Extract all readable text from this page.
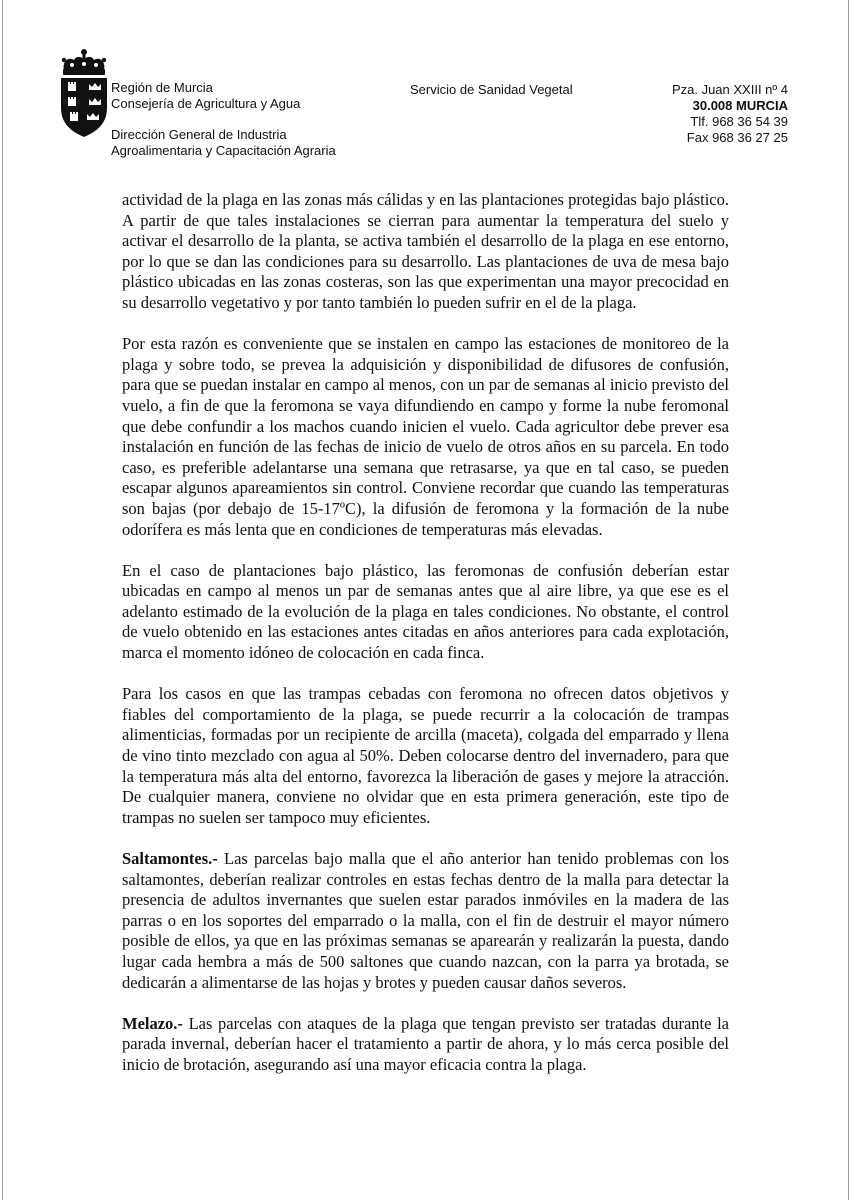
Región de Murcia
Consejería de Agricultura y Agua
Dirección General de Industria
Agroalimentaria y Capacitación Agraria
Servicio de Sanidad Vegetal	Pza. Juan XXIII nº 4
30.008 MURCIA
Tlf. 968 36 54 39
Fax 968 36 27 25

actividad de la plaga en las zonas más cálidas y en las plantaciones protegidas bajo plástico. A partir de que tales instalaciones se cierran para aumentar la temperatura del suelo y activar el desarrollo de la planta, se activa también el desarrollo de la plaga en ese entorno, por lo que se dan las condiciones para su desarrollo. Las plantaciones de uva de mesa bajo plástico ubicadas en las zonas costeras, son las que experimentan una mayor precocidad en su desarrollo vegetativo y por tanto también lo pueden sufrir en el de la plaga.

Por esta razón es conveniente que se instalen en campo las estaciones de monitoreo de la plaga y sobre todo, se prevea la adquisición y disponibilidad de difusores de confusión, para que se puedan instalar en campo al menos, con un par de semanas al inicio previsto del vuelo, a fin de que la feromona se vaya difundiendo en campo y forme la nube feromonal que debe confundir a los machos cuando inicien el vuelo. Cada agricultor debe prever esa instalación en función de las fechas de inicio de vuelo de otros años en su parcela. En todo caso, es preferible adelantarse una semana que retrasarse, ya que en tal caso, se pueden escapar algunos apareamientos sin control. Conviene recordar que cuando las temperaturas son bajas (por debajo de 15-17ºC), la difusión de feromona y la formación de la nube odorífera es más lenta que en condiciones de temperaturas más elevadas.

En el caso de plantaciones bajo plástico, las feromonas de confusión deberían estar ubicadas en campo al menos un par de semanas antes que al aire libre, ya que ese es el adelanto estimado de la evolución de la plaga en tales condiciones. No obstante, el control de vuelo obtenido en las estaciones antes citadas en años anteriores para cada explotación, marca el momento idóneo de colocación en cada finca.

Para los casos en que las trampas cebadas con feromona no ofrecen datos objetivos y fiables del comportamiento de la plaga, se puede recurrir a la colocación de trampas alimenticias, formadas por un recipiente de arcilla (maceta), colgada del emparrado y llena de vino tinto mezclado con agua al 50%. Deben colocarse dentro del invernadero, para que la temperatura más alta del entorno, favorezca la liberación de gases y mejore la atracción. De cualquier manera, conviene no olvidar que en esta primera generación, este tipo de trampas no suelen ser tampoco muy eficientes.

Saltamontes.- Las parcelas bajo malla que el año anterior han tenido problemas con los saltamontes, deberían realizar controles en estas fechas dentro de la malla para detectar la presencia de adultos invernantes que suelen estar parados inmóviles en la madera de las parras o en los soportes del emparrado o la malla, con el fin de destruir el mayor número posible de ellos, ya que en las próximas semanas se aparearán y realizarán la puesta, dando lugar cada hembra a más de 500 saltones que cuando nazcan, con la parra ya brotada, se dedicarán a alimentarse de las hojas y brotes y pueden causar daños severos.

Melazo.- Las parcelas con ataques de la plaga que tengan previsto ser tratadas durante la parada invernal, deberían hacer el tratamiento a partir de ahora, y lo más cerca posible del inicio de brotación, asegurando así una mayor eficacia contra la plaga.
